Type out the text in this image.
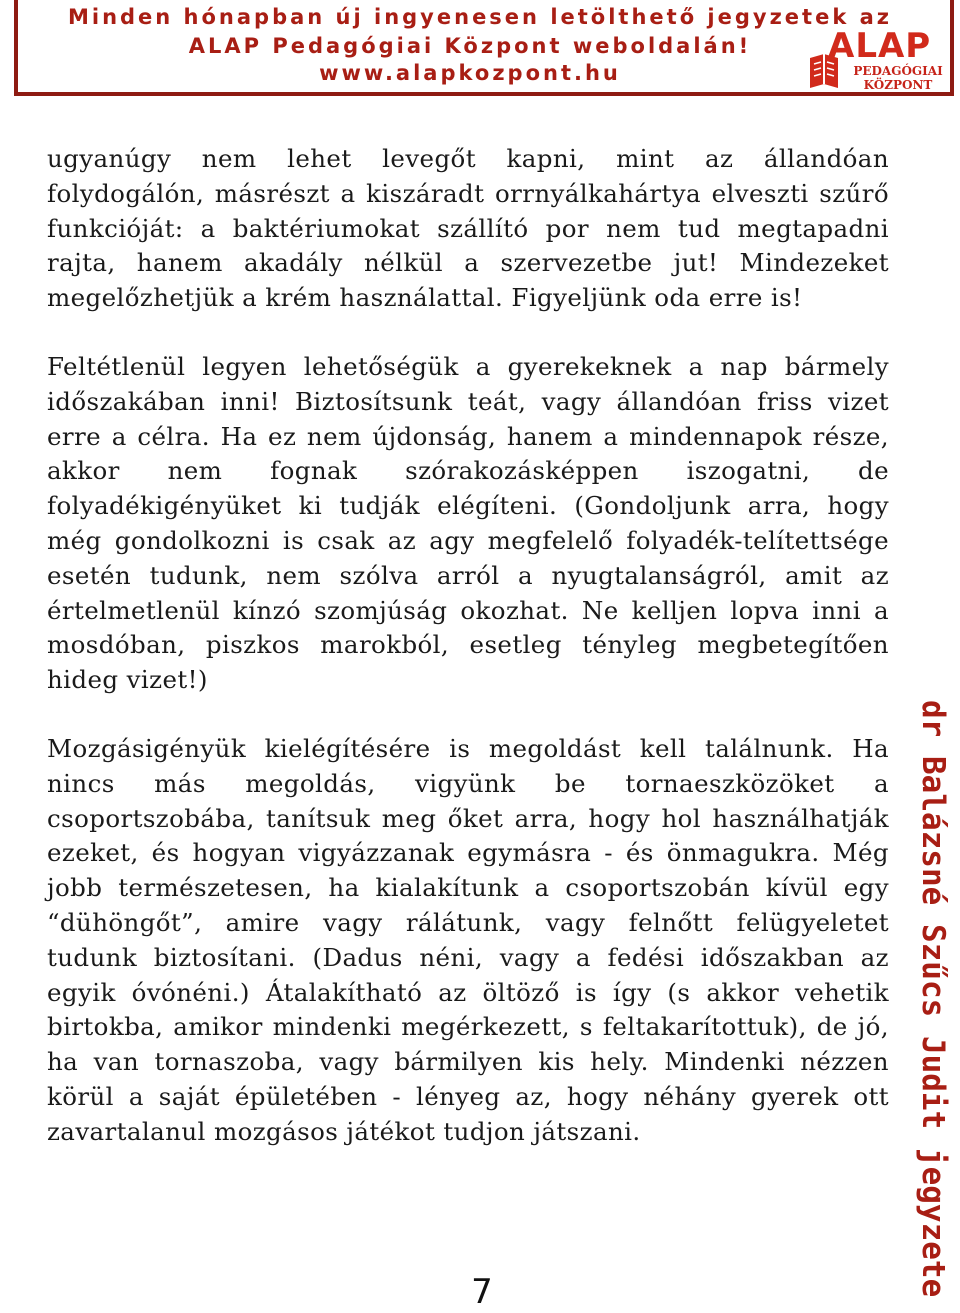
Minden hónapban új ingyenesen letölthető jegyzetek az
ALAP Pedagógiai Központ weboldalán!
www.alapkozpont.hu
ALAP
PEDAGÓGIAI
KÖZPONT

ugyanúgy nem lehet levegőt kapni, mint az állandóan folydogálón, másrészt a kiszáradt orrnyálkahártya elveszti szűrő funkcióját: a baktériumokat szállító por nem tud megtapadni rajta, hanem akadály nélkül a szervezetbe jut! Mindezeket megelőzhetjük a krém használattal. Figyeljünk oda erre is!

Feltétlenül legyen lehetőségük a gyerekeknek a nap bármely időszakában inni! Biztosítsunk teát, vagy állandóan friss vizet erre a célra. Ha ez nem újdonság, hanem a mindennapok része, akkor nem fognak szórakozásképpen iszogatni, de folyadékigényüket ki tudják elégíteni. (Gondoljunk arra, hogy még gondolkozni is csak az agy megfelelő folyadék-telítettsége esetén tudunk, nem szólva arról a nyugtalanságról, amit az értelmetlenül kínzó szomjúság okozhat. Ne kelljen lopva inni a mosdóban, piszkos marokból, esetleg tényleg megbetegítően hideg vizet!)

Mozgásigényük kielégítésére is megoldást kell találnunk. Ha nincs más megoldás, vigyünk be tornaeszközöket a csoportszobába, tanítsuk meg őket arra, hogy hol használhatják ezeket, és hogyan vigyázzanak egymásra - és önmagukra. Még jobb természetesen, ha kialakítunk a csoportszobán kívül egy “dühöngőt”, amire vagy rálátunk, vagy felnőtt felügyeletet tudunk biztosítani. (Dadus néni, vagy a fedési időszakban az egyik óvónéni.) Átalakítható az öltöző is így (s akkor vehetik birtokba, amikor mindenki megérkezett, s feltakarítottuk), de jó, ha van tornaszoba, vagy bármilyen kis hely. Mindenki nézzen körül a saját épületében - lényeg az, hogy néhány gyerek ott zavartalanul mozgásos játékot tudjon játszani.	dr Balázsné Szűcs Judit jegyzete
7
